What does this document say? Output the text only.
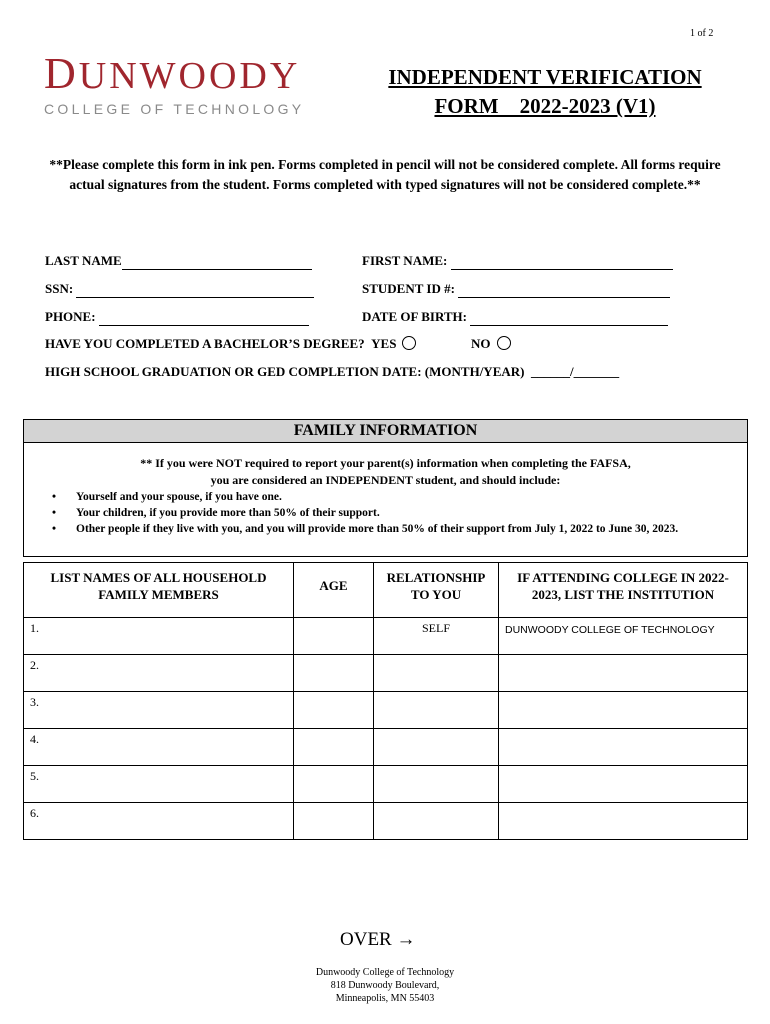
1 of 2
DUNWOODY
COLLEGE OF TECHNOLOGY
INDEPENDENT VERIFICATION
FORM    2022-2023 (V1)
**Please complete this form in ink pen. Forms completed in pencil will not be considered complete. All forms require actual signatures from the student. Forms completed with typed signatures will not be considered complete.**
LAST NAME	FIRST NAME:
SSN:	STUDENT ID #:
PHONE:	DATE OF BIRTH:
HAVE YOU COMPLETED A BACHELOR’S DEGREE? YES	NO
HIGH SCHOOL GRADUATION OR GED COMPLETION DATE: (MONTH/YEAR) ______/_______
FAMILY INFORMATION
** If you were NOT required to report your parent(s) information when completing the FAFSA,
you are considered an INDEPENDENT student, and should include:
• Yourself and your spouse, if you have one.
• Your children, if you provide more than 50% of their support.
• Other people if they live with you, and you will provide more than 50% of their support from July 1, 2022 to June 30, 2023.
LIST NAMES OF ALL HOUSEHOLD FAMILY MEMBERS	AGE	RELATIONSHIP TO YOU	IF ATTENDING COLLEGE IN 2022-2023, LIST THE INSTITUTION
1.		SELF	DUNWOODY COLLEGE OF TECHNOLOGY
2.			
3.			
4.			
5.			
6.			
OVER →
Dunwoody College of Technology
818 Dunwoody Boulevard,
Minneapolis, MN 55403
